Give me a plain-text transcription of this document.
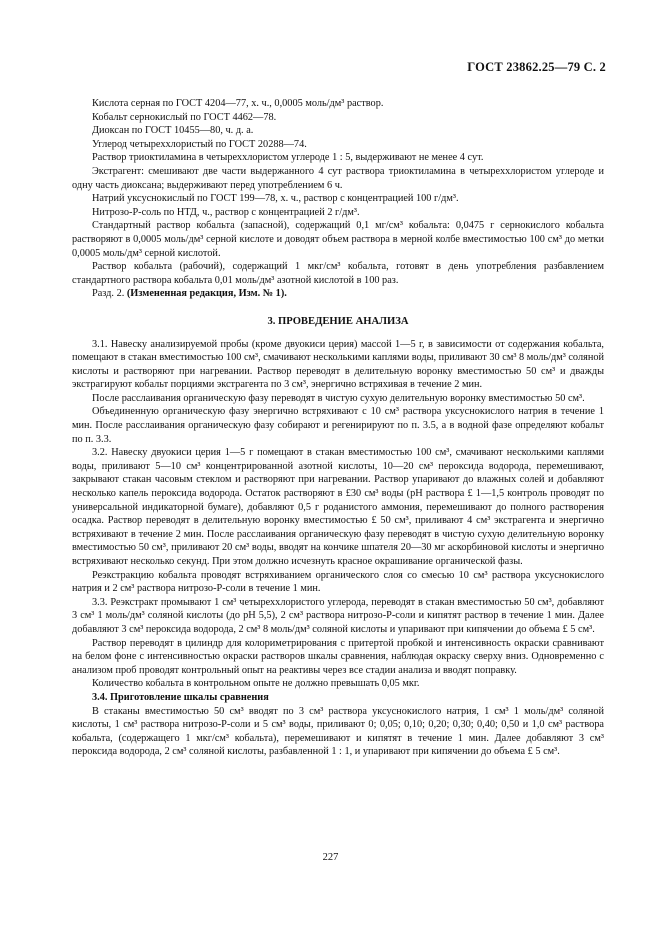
ГОСТ 23862.25—79 С. 2

Кислота серная по ГОСТ 4204—77, х. ч., 0,0005 моль/дм³ раствор.

Кобальт сернокислый по ГОСТ 4462—78.

Диоксан по ГОСТ 10455—80, ч. д. а.

Углерод четыреххлористый по ГОСТ 20288—74.

Раствор триоктиламина в четыреххлористом углероде 1 : 5, выдерживают не менее 4 сут.

Экстрагент: смешивают две части выдержанного 4 сут раствора триоктиламина в четыреххлористом углероде и одну часть диоксана; выдерживают перед употреблением 6 ч.

Натрий уксуснокислый по ГОСТ 199—78, х. ч., раствор с концентрацией 100 г/дм³.

Нитрозо-Р-соль по НТД, ч., раствор с концентрацией 2 г/дм³.

Стандартный раствор кобальта (запасной), содержащий 0,1 мг/см³ кобальта: 0,0475 г сернокислого кобальта растворяют в 0,0005 моль/дм³ серной кислоте и доводят объем раствора в мерной колбе вместимостью 100 см³ до метки 0,0005 моль/дм³ серной кислотой.

Раствор кобальта (рабочий), содержащий 1 мкг/см³ кобальта, готовят в день употребления разбавлением стандартного раствора кобальта 0,01 моль/дм³ азотной кислотой в 100 раз.

Разд. 2. (Измененная редакция, Изм. № 1).

3. ПРОВЕДЕНИЕ АНАЛИЗА

3.1. Навеску анализируемой пробы (кроме двуокиси церия) массой 1—5 г, в зависимости от содержания кобальта, помещают в стакан вместимостью 100 см³, смачивают несколькими каплями воды, приливают 30 см³ 8 моль/дм³ соляной кислоты и растворяют при нагревании. Раствор переводят в делительную воронку вместимостью 50 см³ и дважды экстрагируют кобальт порциями экстрагента по 3 см³, энергично встряхивая в течение 2 мин.

После расслаивания органическую фазу переводят в чистую сухую делительную воронку вместимостью 50 см³.

Объединенную органическую фазу энергично встряхивают с 10 см³ раствора уксуснокислого натрия в течение 1 мин. После расслаивания органическую фазу собирают и регенирируют по п. 3.5, а в водной фазе определяют кобальт по п. 3.3.

3.2. Навеску двуокиси церия 1—5 г помещают в стакан вместимостью 100 см³, смачивают несколькими каплями воды, приливают 5—10 см³ концентрированной азотной кислоты, 10—20 см³ пероксида водорода, перемешивают, закрывают стакан часовым стеклом и растворяют при нагревании. Раствор упаривают до влажных солей и добавляют несколько капель пероксида водорода. Остаток растворяют в £30 см³ воды (рН раствора £ 1—1,5 контроль проводят по универсальной индикаторной бумаге), добавляют 0,5 г роданистого аммония, перемешивают до полного растворения осадка. Раствор переводят в делительную воронку вместимостью £ 50 см³, приливают 4 см³ экстрагента и энергично встряхивают в течение 2 мин. После расслаивания органическую фазу переводят в чистую сухую делительную воронку вместимостью 50 см³, приливают 20 см³ воды, вводят на кончике шпателя 20—30 мг аскорбиновой кислоты и энергично встряхивают несколько секунд. При этом должно исчезнуть красное окрашивание органической фазы.

Реэкстракцию кобальта проводят встряхиванием органического слоя со смесью 10 см³ раствора уксуснокислого натрия и 2 см³ раствора нитрозо-Р-соли в течение 1 мин.

3.3. Реэкстракт промывают 1 см³ четыреххлористого углерода, переводят в стакан вместимостью 50 см³, добавляют 3 см³ 1 моль/дм³ соляной кислоты (до рН 5,5), 2 см³ раствора нитрозо-Р-соли и кипятят раствор в течение 1 мин. Далее добавляют 3 см³ пероксида водорода, 2 см³ 8 моль/дм³ соляной кислоты и упаривают при кипячении до объема £ 5 см³.

Раствор переводят в цилиндр для колориметрирования с притертой пробкой и интенсивность окраски сравнивают на белом фоне с интенсивностью окраски растворов шкалы сравнения, наблюдая окраску сверху вниз. Одновременно с анализом проб проводят контрольный опыт на реактивы через все стадии анализа и вводят поправку.

Количество кобальта в контрольном опыте не должно превышать 0,05 мкг.

3.4. Приготовление шкалы сравнения

В стаканы вместимостью 50 см³ вводят по 3 см³ раствора уксуснокислого натрия, 1 см³ 1 моль/дм³ соляной кислоты, 1 см³ раствора нитрозо-Р-соли и 5 см³ воды, приливают 0; 0,05; 0,10; 0,20; 0,30; 0,40; 0,50 и 1,0 см³ раствора кобальта, (содержащего 1 мкг/см³ кобальта), перемешивают и кипятят в течение 1 мин. Далее добавляют 3 см³ пероксида водорода, 2 см³ соляной кислоты, разбавленной 1 : 1, и упаривают при кипячении до объема £ 5 см³.

227
